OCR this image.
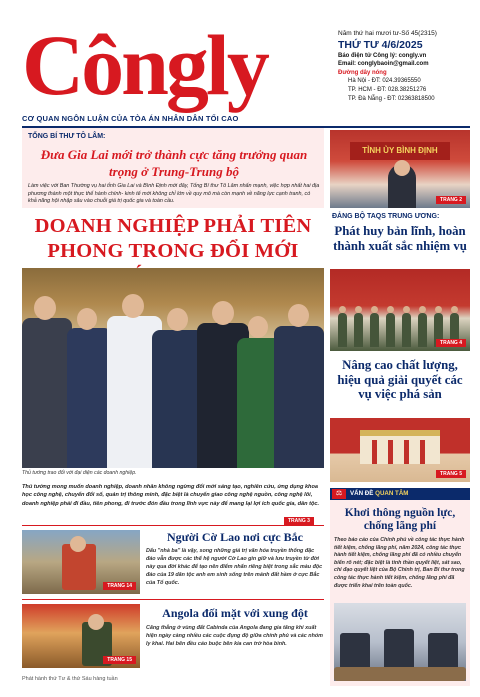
Côngly
CƠ QUAN NGÔN LUẬN CỦA TÒA ÁN NHÂN DÂN TỐI CAO
Năm thứ hai mươi tư-Số 45(2315)
THỨ TƯ 4/6/2025
Báo điện tử Công lý: congly.vn
Email: conglybaoin@gmail.com
Đường dây nóng
Hà Nội - ĐT: 024.39365550
TP. HCM - ĐT: 028.38251276
TP. Đà Nẵng - ĐT: 02363818500
TỔNG BÍ THƯ TÔ LÂM:
Đưa Gia Lai mới trở thành cực tăng trưởng quan trọng ở Trung-Trung bộ
Làm việc với Ban Thường vụ hai tỉnh Gia Lai và Bình Định mới đây, Tổng Bí thư Tô Lâm nhấn mạnh, việc hợp nhất hai địa phương thành một thực thể hành chính- kinh tế mới không chỉ lớn về quy mô mà còn mạnh về năng lực cạnh tranh, có khả năng hội nhập sâu vào chuỗi giá trị quốc gia và toàn cầu.
TỈNH ỦY BÌNH ĐỊNH
TRANG 2
DOANH NGHIỆP PHẢI TIÊN PHONG TRONG ĐỔI MỚI
Thủ tướng trao đổi với đại diện các doanh nghiệp.
Thủ tướng mong muốn doanh nghiệp, doanh nhân không ngừng đổi mới sáng tạo, nghiên cứu, ứng dụng khoa học công nghệ, chuyển đổi số, quản trị thông minh, đặc biệt là chuyển giao công nghệ nguồn, công nghệ lõi, doanh nghiệp phải đi đầu, tiên phong, đi trước đón đầu trong lĩnh vực này để mang lại lợi ích quốc gia, dân tộc.
TRANG 3
ĐẢNG BỘ TAQS TRUNG ƯƠNG:
Phát huy bản lĩnh, hoàn thành xuất sắc nhiệm vụ
TRANG 4
Nâng cao chất lượng, hiệu quả giải quyết các vụ việc phá sản
TRANG 5
⚖	VẤN ĐỀ QUAN TÂM
Khơi thông nguồn lực, chống lãng phí
Theo báo cáo của Chính phủ về công tác thực hành tiết kiệm, chống lãng phí, năm 2024, công tác thực hành tiết kiệm, chống lãng phí đã có nhiều chuyển biến rõ nét; đặc biệt là tinh thần quyết liệt, sát sao, chỉ đạo quyết liệt của Bộ Chính trị, Ban Bí thư trong công tác thực hành tiết kiệm, chống lãng phí đã được triển khai trên toàn quốc.
TRANG 14
Người Cờ Lao nơi cực Bắc
Dấu "nhà ba" là vậy, song những giá trị văn hóa truyền thống đặc đáo vẫn được các thế hệ người Cờ Lao gìn giữ và lưu truyền từ đời này qua đời khác để tạo nên điểm nhấn riêng biệt trong sắc màu độc đáo của 19 dân tộc anh em sinh sống trên mảnh đất hầm ở cực Bắc của Tổ quốc.
TRANG 15
Angola đối mặt với xung đột
Căng thẳng ở vùng đất Cabinda của Angola đang gia tăng khi xuất hiện ngày càng nhiều các cuộc đụng độ giữa chính phủ và các nhóm ly khai. Hai bên đều cáo buộc bên kia can trở hòa bình.
Phát hành thứ Tư & thứ Sáu hàng tuần
